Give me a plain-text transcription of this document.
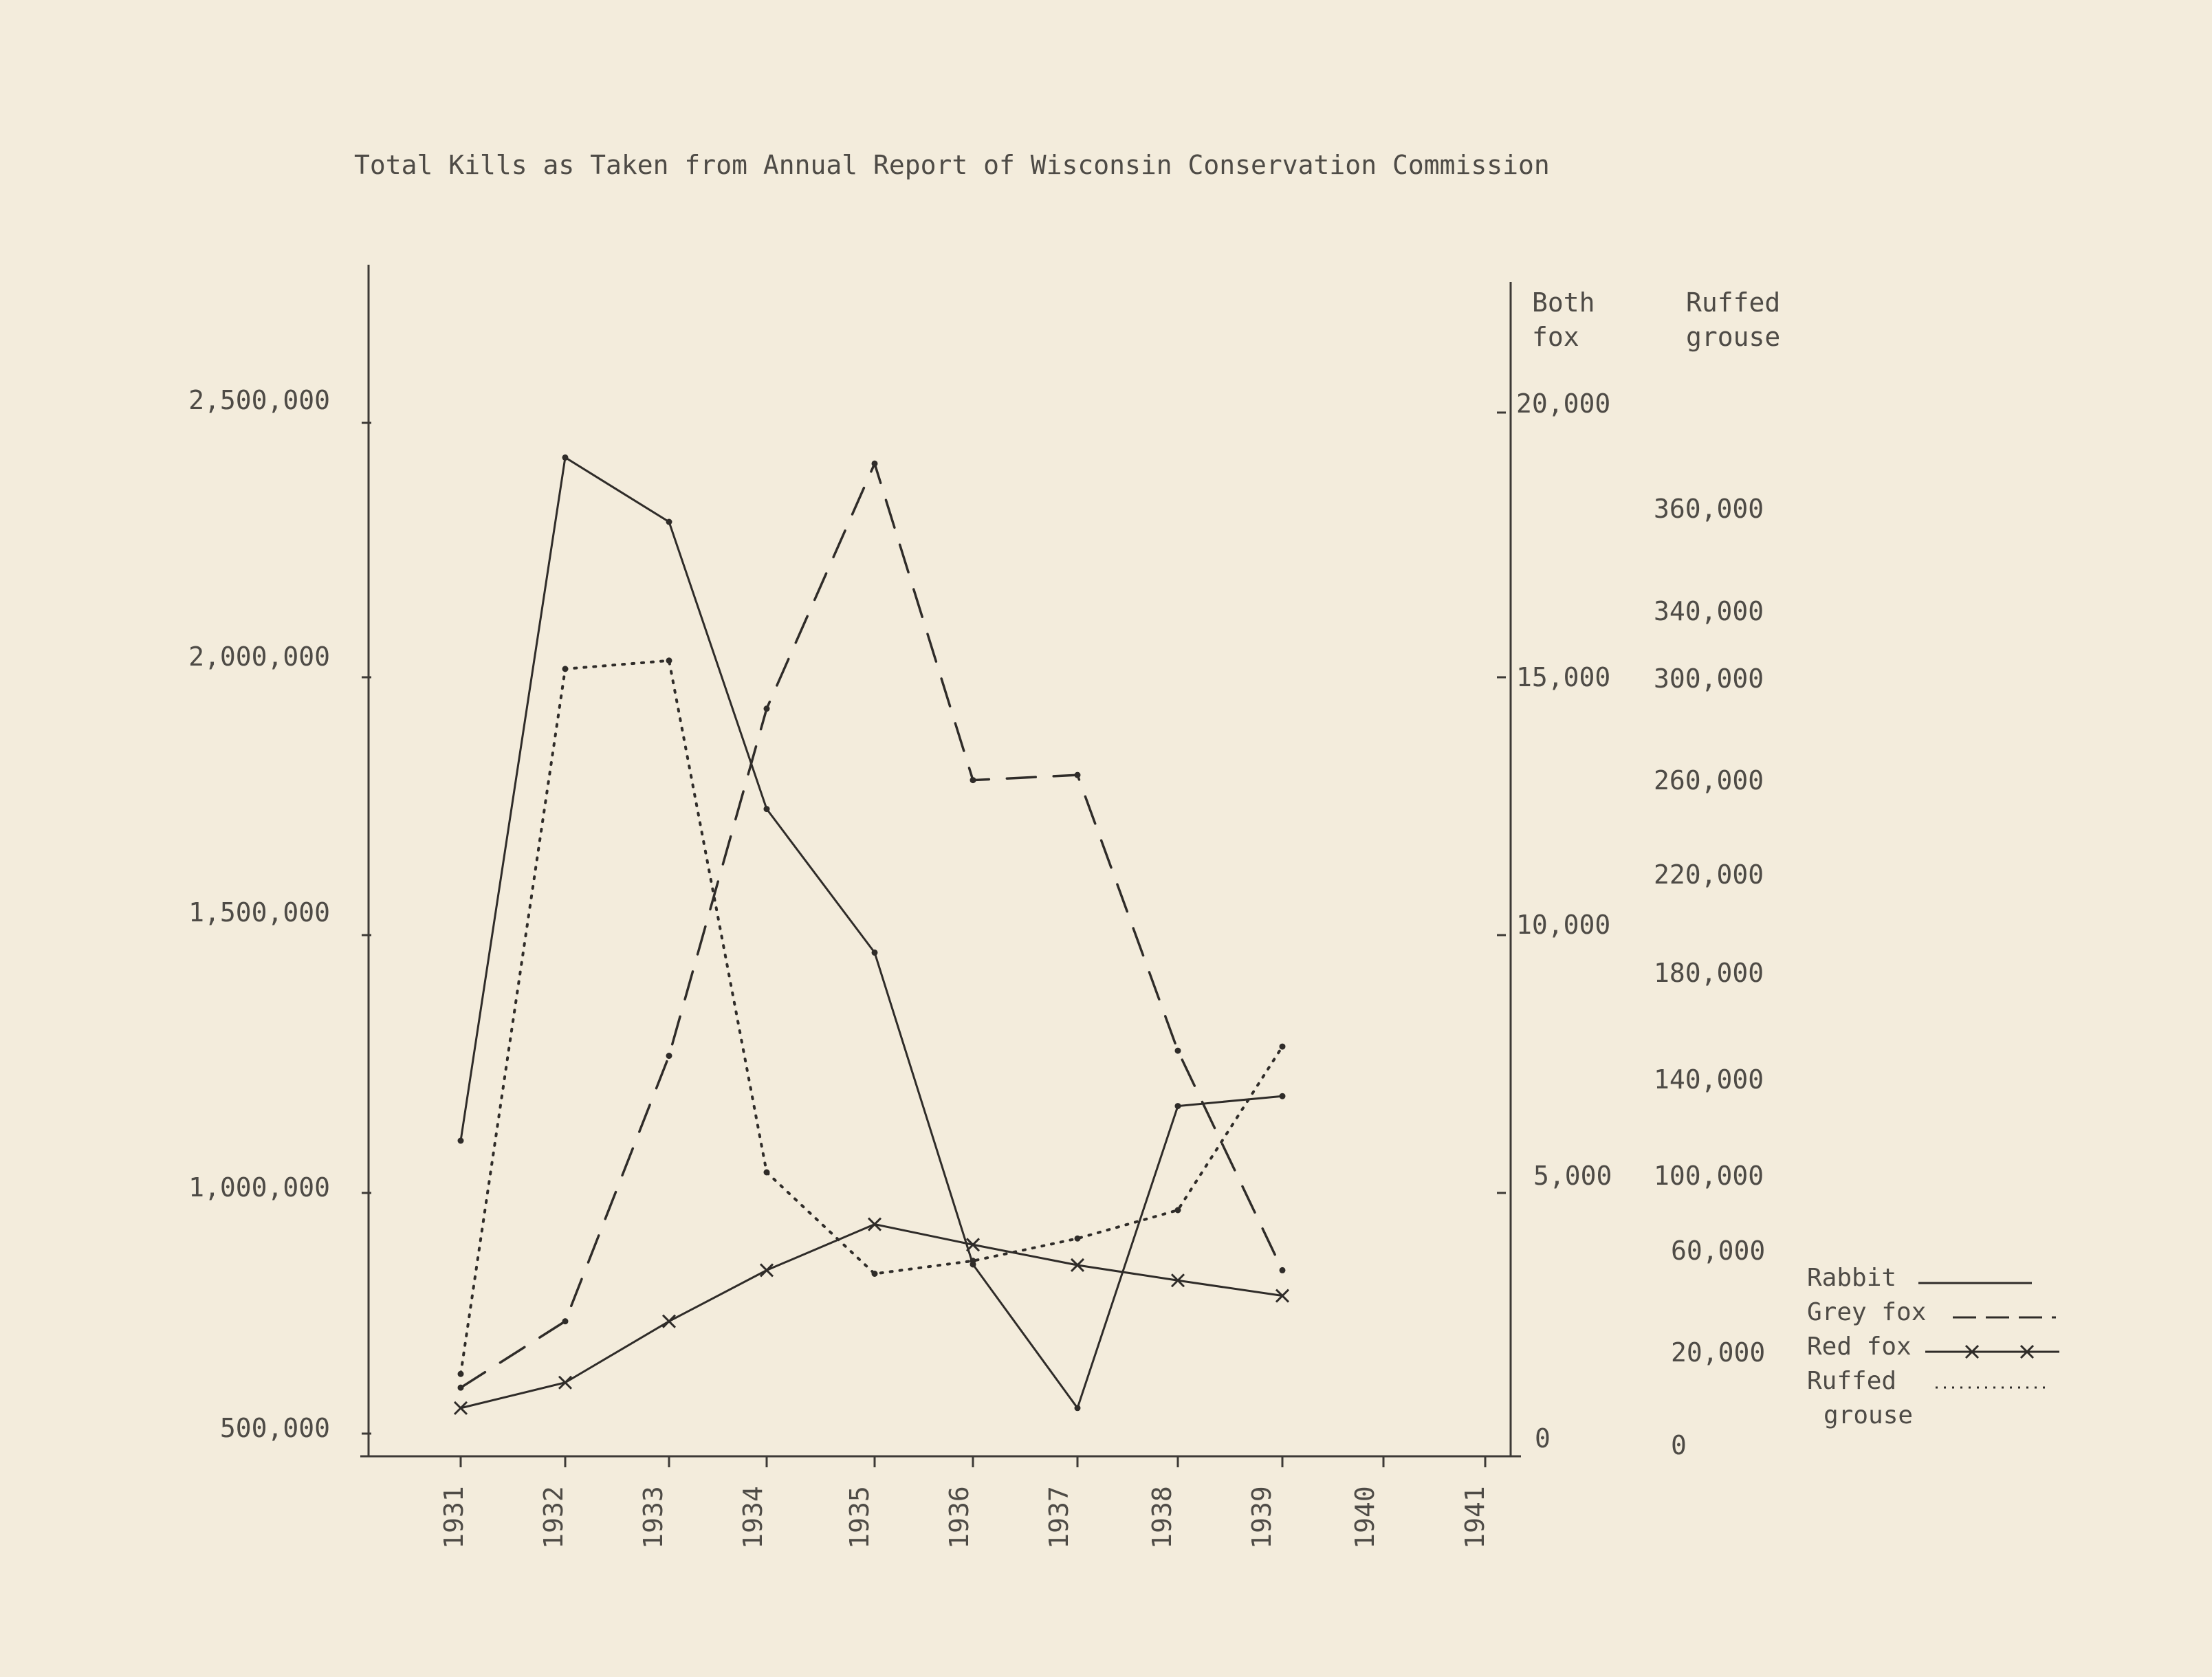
Total Kills as Taken from Annual Report of Wisconsin Conservation Commission
2,500,000
2,000,000
1,500,000
1,000,000
500,000
Both
fox
20,000
15,000
10,000
5,000
0
Ruffed
grouse
360,000
340,000
300,000
260,000
220,000
180,000
140,000
100,000
60,000
20,000
0
1931	1932	1933	1934	1935	1936	1937	1938	1939	1940	1941
Rabbit
Grey fox
Red fox
Ruffed
grouse
